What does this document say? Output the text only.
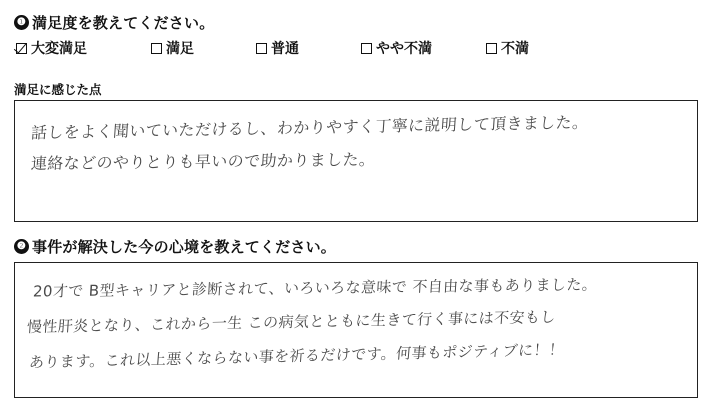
❶ 満足度を教えてください。
大変満足	満足	普通	やや不満	不満
満足に感じた点
話しをよく聞いていただけるし、わかりやすく丁寧に説明して頂きました。
連絡などのやりとりも早いので助かりました。
❷ 事件が解決した今の心境を教えてください。
20才で B型キャリアと診断されて、いろいろな意味で 不自由な事もありました。
慢性肝炎となり、これから一生 この病気とともに生きて行く事には不安もし
あります。これ以上悪くならない事を祈るだけです。何事もポジティブに！！
